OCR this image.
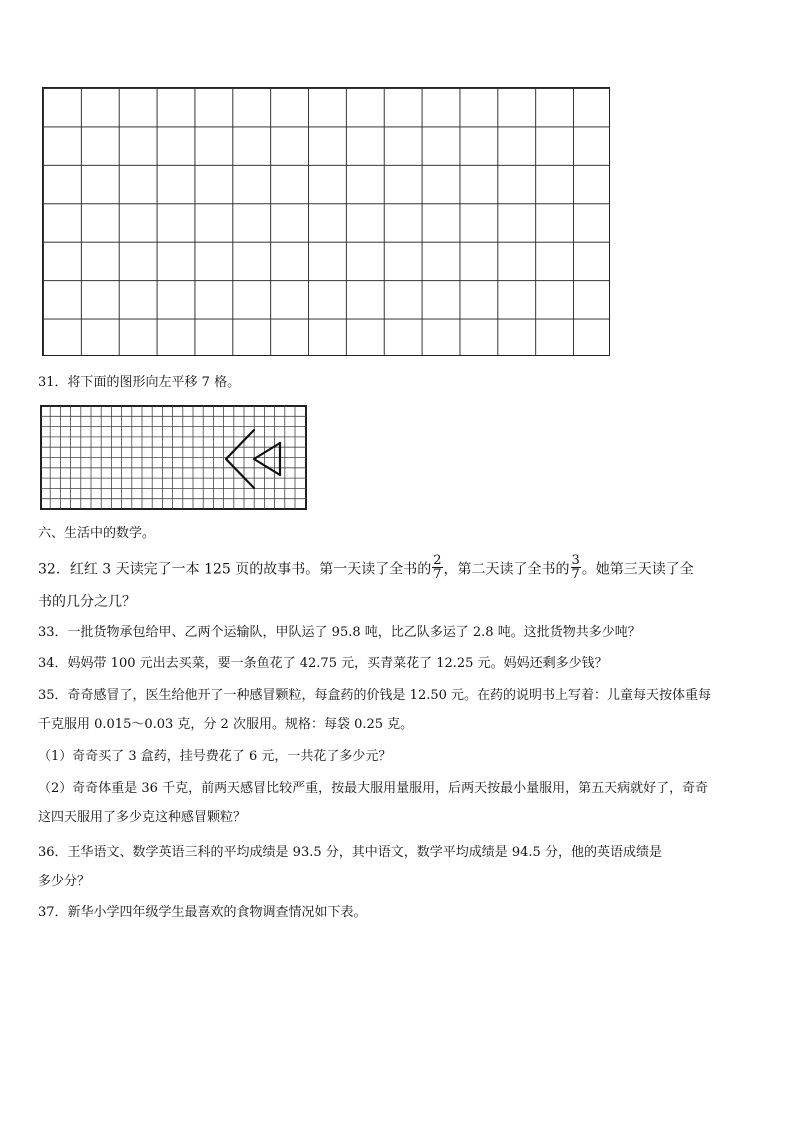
31．将下面的图形向左平移 7 格。
六、生活中的数学。
32．红红 3 天读完了一本 125 页的故事书。第一天读了全书的 $\frac{2}{7}$ ，第二天读了全书的 $\frac{3}{7}$ 。她第三天读了全
书的几分之几？
33．一批货物承包给甲、乙两个运输队，甲队运了 95.8 吨，比乙队多运了 2.8 吨。这批货物共多少吨？
34．妈妈带 100 元出去买菜，要一条鱼花了 42.75 元，买青菜花了 12.25 元。妈妈还剩多少钱？
35．奇奇感冒了，医生给他开了一种感冒颗粒，每盒药的价钱是 12.50 元。在药的说明书上写着：儿童每天按体重每
千克服用 0.015～0.03 克，分 2 次服用。规格：每袋 0.25 克。
（1）奇奇买了 3 盒药，挂号费花了 6 元，一共花了多少元？
（2）奇奇体重是 36 千克，前两天感冒比较严重，按最大服用量服用，后两天按最小量服用，第五天病就好了，奇奇
这四天服用了多少克这种感冒颗粒？
36．王华语文、数学英语三科的平均成绩是 93.5 分，其中语文，数学平均成绩是 94.5 分，他的英语成绩是
多少分？
37．新华小学四年级学生最喜欢的食物调查情况如下表。
